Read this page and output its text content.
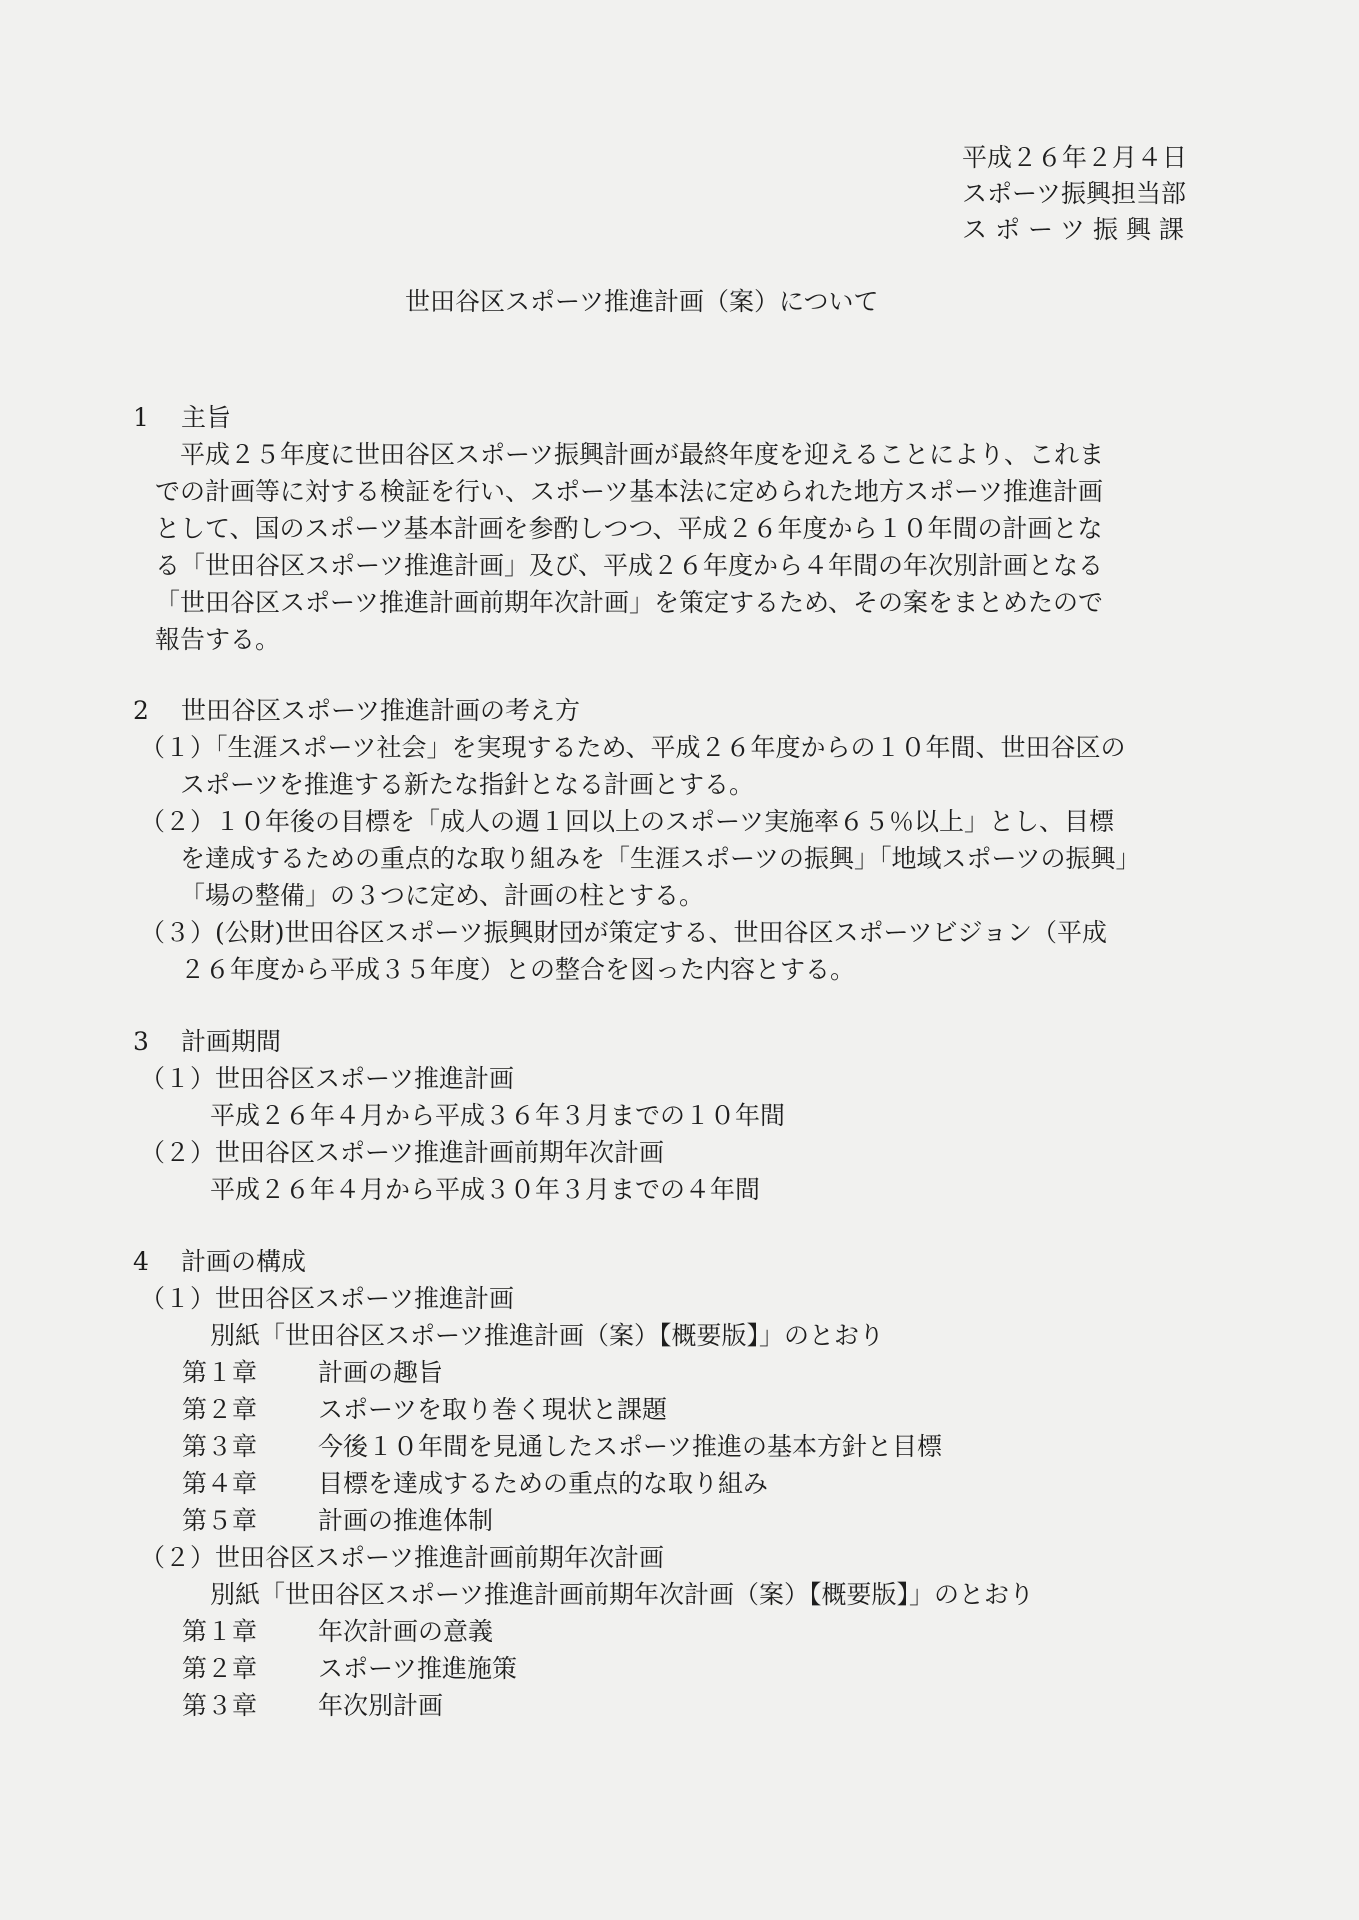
平成２６年２月４日
スポーツ振興担当部
スポーツ振興課
世田谷区スポーツ推進計画（案）について
1 主旨
平成２５年度に世田谷区スポーツ振興計画が最終年度を迎えることにより、これま
での計画等に対する検証を行い、スポーツ基本法に定められた地方スポーツ推進計画
として、国のスポーツ基本計画を参酌しつつ、平成２６年度から１０年間の計画とな
る「世田谷区スポーツ推進計画」及び、平成２６年度から４年間の年次別計画となる
「世田谷区スポーツ推進計画前期年次計画」を策定するため、その案をまとめたので
報告する。
2 世田谷区スポーツ推進計画の考え方
（１）「生涯スポーツ社会」を実現するため、平成２６年度からの１０年間、世田谷区の
スポーツを推進する新たな指針となる計画とする。
（２）１０年後の目標を「成人の週１回以上のスポーツ実施率６５％以上」とし、目標
を達成するための重点的な取り組みを「生涯スポーツの振興」「地域スポーツの振興」
「場の整備」の３つに定め、計画の柱とする。
（３）(公財)世田谷区スポーツ振興財団が策定する、世田谷区スポーツビジョン（平成
２６年度から平成３５年度）との整合を図った内容とする。
3 計画期間
（１）世田谷区スポーツ推進計画
平成２６年４月から平成３６年３月までの１０年間
（２）世田谷区スポーツ推進計画前期年次計画
平成２６年４月から平成３０年３月までの４年間
4 計画の構成
（１）世田谷区スポーツ推進計画
別紙「世田谷区スポーツ推進計画（案）【概要版】」のとおり
第１章 計画の趣旨
第２章 スポーツを取り巻く現状と課題
第３章 今後１０年間を見通したスポーツ推進の基本方針と目標
第４章 目標を達成するための重点的な取り組み
第５章 計画の推進体制
（２）世田谷区スポーツ推進計画前期年次計画
別紙「世田谷区スポーツ推進計画前期年次計画（案）【概要版】」のとおり
第１章 年次計画の意義
第２章 スポーツ推進施策
第３章 年次別計画
